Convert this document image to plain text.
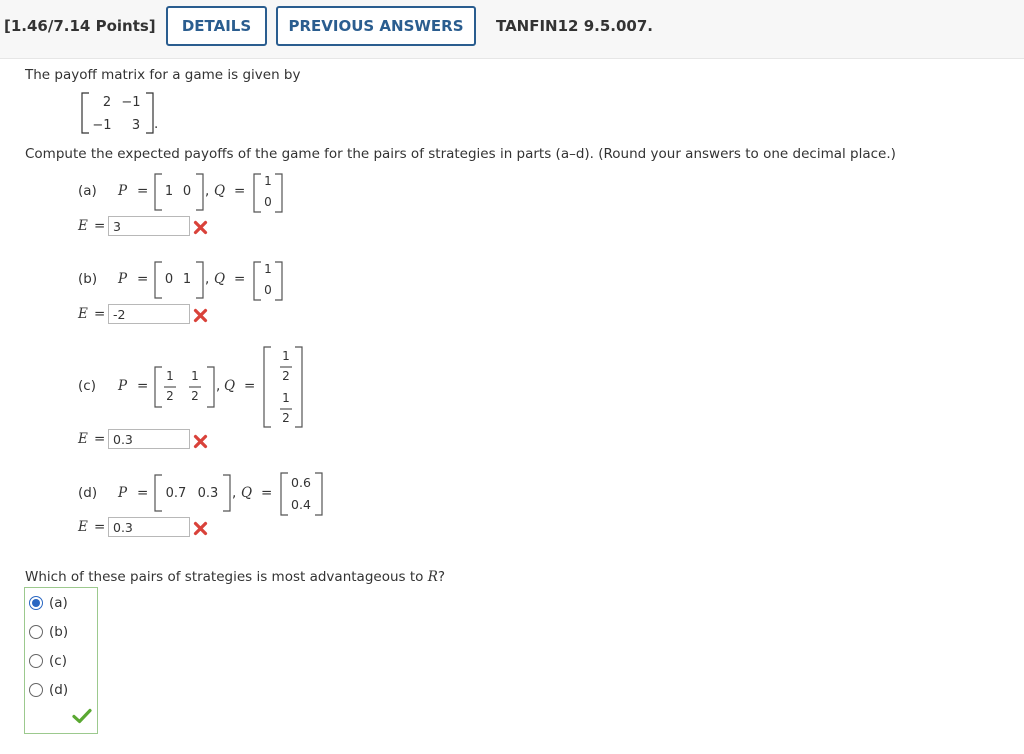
[1.46/7.14 Points]	DETAILS	PREVIOUS ANSWERS	TANFIN12 9.5.007.
The payoff matrix for a game is given by
2 −1
−1	3	.
Compute the expected payoffs of the game for the pairs of strategies in parts (a–d). (Round your answers to one decimal place.)
(a) P = 1 0 , Q =
1
0
E = 3
(b) P = 0 1 , Q =
1
0
E = -2
(c) P =
1
2
1
2
, Q =
1
2
1
2
E = 0.3
(d) P = 0.7 0.3 , Q =
0.6
0.4
E = 0.3
Which of these pairs of strategies is most advantageous to R?
(a)
(b)
(c)
(d)
